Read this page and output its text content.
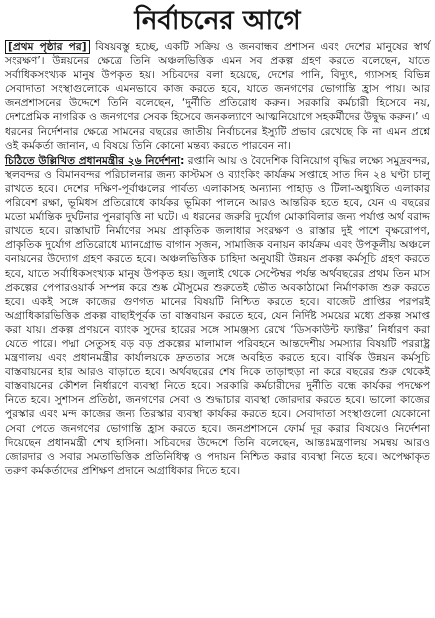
নির্বাচনের আগে

[প্রথম পৃষ্ঠার পর] বিষয়বস্তু হচ্ছে, একটি সক্রিয় ও জনবান্ধব প্রশাসন এবং দেশের মানুষের স্বার্থ সংরক্ষণ’। উন্নয়নের ক্ষেত্রে তিনি অঞ্চলভিত্তিক এমন সব প্রকল্প গ্রহণ করতে বলেছেন, যাতে সর্বাধিকসংখ্যক মানুষ উপকৃত হয়। সচিবদের বলা হয়েছে, দেশের পানি, বিদ্যুৎ, গ্যাসসহ বিভিন্ন সেবাদাতা সংস্থাগুলোকে এমনভাবে কাজ করতে হবে, যাতে জনগণের ভোগান্তি হ্রাস পায়। আর জনপ্রশাসনের উদ্দেশে তিনি বলেছেন, ‘দুর্নীতি প্রতিরোধ করুন। সরকারি কর্মচারী হিসেবে নয়, দেশপ্রেমিক নাগরিক ও জনগণের সেবক হিসেবে জনকল্যাণে আত্মনিয়োগে সহকর্মীদের উদ্বুদ্ধ করুন।’ এ ধরনের নির্দেশনার ক্ষেত্রে সামনের বছরের জাতীয় নির্বাচনের ইস্যুটি প্রভাব রেখেছে কি না এমন প্রশ্নে ওই কর্মকর্তা জানান, এ বিষয়ে তিনি কোনো মন্তব্য করতে পারবেন না।

চিঠিতে উল্লিখিত প্রধানমন্ত্রীর ২৬ নির্দেশনা: রপ্তানি আয় ও বৈদেশিক বিনিয়োগ বৃদ্ধির লক্ষ্যে সমুদ্রবন্দর, স্থলবন্দর ও বিমানবন্দর পরিচালনার জন্য কাস্টমস ও ব্যাংকিং কার্যক্রম সপ্তাহে সাত দিন ২৪ ঘণ্টা চালু রাখতে হবে। দেশের দক্ষিণ-পূর্বাঞ্চলের পার্বত্য এলাকাসহ অন্যান্য পাহাড় ও টিলা-অধ্যুষিত এলাকার পরিবেশ রক্ষা, ভূমিধস প্রতিরোধে কার্যকর ভূমিকা পালনে আরও আন্তরিক হতে হবে, যেন এ বছরের মতো মর্মান্তিক দুর্ঘটনার পুনরাবৃত্তি না ঘটে। এ ধরনের জরুরি দুর্যোগ মোকাবিলার জন্য পর্যাপ্ত অর্থ বরাদ্দ রাখতে হবে। রাস্তাঘাট নির্মাণের সময় প্রাকৃতিক জলাধার সংরক্ষণ ও রাস্তার দুই পাশে বৃক্ষরোপণ, প্রাকৃতিক দুর্যোগ প্রতিরোধে ম্যানগ্রোভ বাগান সৃজন, সামাজিক বনায়ন কার্যক্রম এবং উপকূলীয় অঞ্চলে বনায়নের উদ্যোগ গ্রহণ করতে হবে। অঞ্চলভিত্তিক চাহিদা অনুযায়ী উন্নয়ন প্রকল্প কর্মসূচি গ্রহণ করতে হবে, যাতে সর্বাধিকসংখ্যক মানুষ উপকৃত হয়। জুলাই থেকে সেপ্টেম্বর পর্যন্ত অর্থবছরের প্রথম তিন মাস প্রকল্পের পেপারওয়ার্ক সম্পন্ন করে শুষ্ক মৌসুমের শুরুতেই ভৌত অবকাঠামো নির্মাণকাজ শুরু করতে হবে। একই সঙ্গে কাজের গুণগত মানের বিষয়টি নিশ্চিত করতে হবে। বাজেট প্রাপ্তির পরপরই অগ্রাধিকারভিত্তিক প্রকল্প বাছাইপূর্বক তা বাস্তবায়ন করতে হবে, যেন নির্দিষ্ট সময়ের মধ্যে প্রকল্প সমাপ্ত করা যায়। প্রকল্প প্রণয়নে ব্যাংক সুদের হারের সঙ্গে সামঞ্জস্য রেখে ‘ডিসকাউন্ট ফ্যাক্টর’ নির্ধারণ করা যেতে পারে। পদ্মা সেতুসহ বড় বড় প্রকল্পের মালামাল পরিবহনে আন্তদেশীয় সমস্যার বিষয়টি পররাষ্ট্র মন্ত্রণালয় এবং প্রধানমন্ত্রীর কার্যালয়কে দ্রুততার সঙ্গে অবহিত করতে হবে। বার্ষিক উন্নয়ন কর্মসূচি বাস্তবায়নের হার আরও বাড়াতে হবে। অর্থবছরের শেষ দিকে তাড়াহুড়া না করে বছরের শুরু থেকেই বাস্তবায়নের কৌশল নির্ধারণে ব্যবস্থা নিতে হবে। সরকারি কর্মচারীদের দুর্নীতি বন্ধে কার্যকর পদক্ষেপ নিতে হবে। সুশাসন প্রতিষ্ঠা, জনগণের সেবা ও শুদ্ধাচার ব্যবস্থা জোরদার করতে হবে। ভালো কাজের পুরস্কার এবং মন্দ কাজের জন্য তিরস্কার ব্যবস্থা কার্যকর করতে হবে। সেবাদাতা সংস্থাগুলো যেকোনো সেবা পেতে জনগণের ভোগান্তি হ্রাস করতে হবে। জনপ্রশাসনে ফোর্ম দূর করার বিষয়েও নির্দেশনা দিয়েছেন প্রধানমন্ত্রী শেখ হাসিনা। সচিবদের উদ্দেশে তিনি বলেছেন, আন্তঃমন্ত্রণালয় সমন্বয় আরও জোরদার ও সবার সমতাভিত্তিক প্রতিনিধিত্ব ও পদায়ন নিশ্চিত করার ব্যবস্থা নিতে হবে। অপেক্ষাকৃত তরুণ কর্মকর্তাদের প্রশিক্ষণ প্রদানে অগ্রাধিকার দিতে হবে।
